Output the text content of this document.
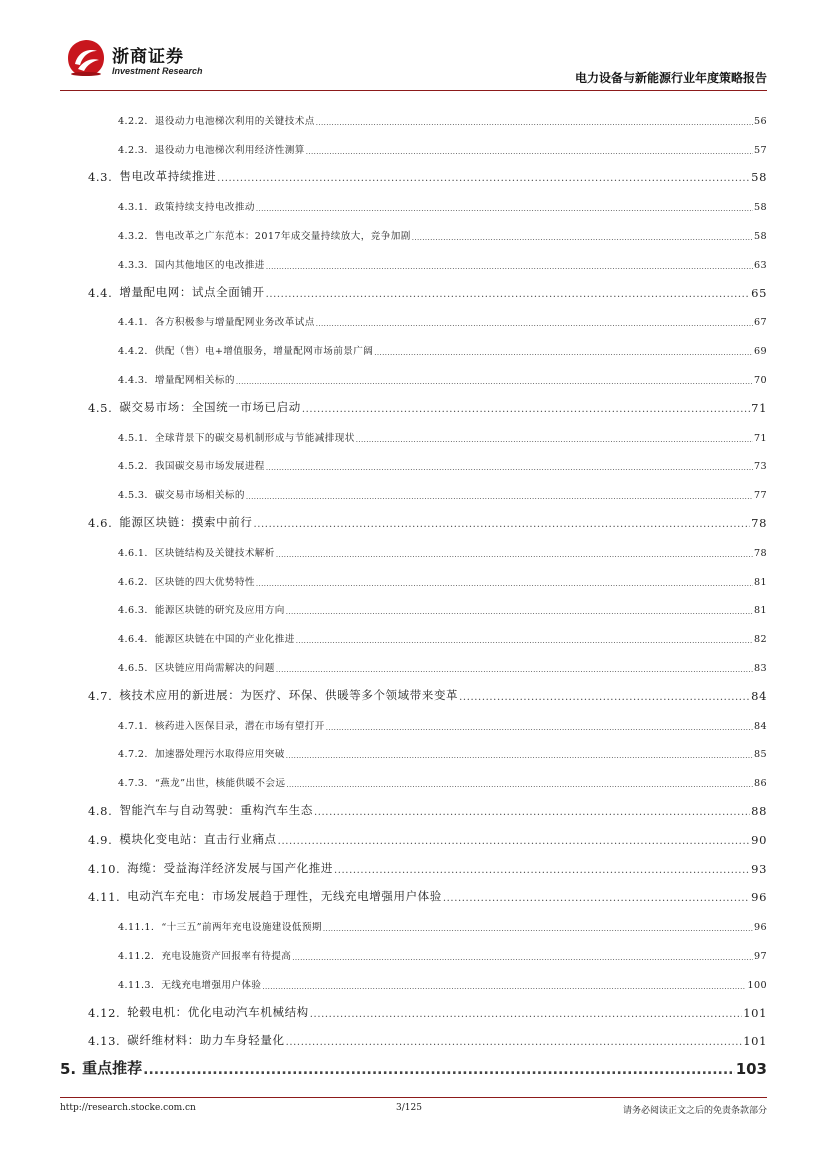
浙商证券
Investment Research	电力设备与新能源行业年度策略报告
4.2.2. 退役动力电池梯次利用的关键技术点 .....	56
4.2.3. 退役动力电池梯次利用经济性测算 .....	57
4.3. 售电改革持续推进 .....	58
4.3.1. 政策持续支持电改推动 .....	58
4.3.2. 售电改革之广东范本：2017年成交量持续放大，竞争加剧 .....	58
4.3.3. 国内其他地区的电改推进 .....	63
4.4. 增量配电网：试点全面铺开 .....	65
4.4.1. 各方积极参与增量配网业务改革试点 .....	67
4.4.2. 供配（售）电+增值服务，增量配网市场前景广阔 .....	69
4.4.3. 增量配网相关标的 .....	70
4.5. 碳交易市场：全国统一市场已启动 .....	71
4.5.1. 全球背景下的碳交易机制形成与节能减排现状 .....	71
4.5.2. 我国碳交易市场发展进程 .....	73
4.5.3. 碳交易市场相关标的 .....	77
4.6. 能源区块链：摸索中前行 .....	78
4.6.1. 区块链结构及关键技术解析 .....	78
4.6.2. 区块链的四大优势特性 .....	81
4.6.3. 能源区块链的研究及应用方向 .....	81
4.6.4. 能源区块链在中国的产业化推进 .....	82
4.6.5. 区块链应用尚需解决的问题 .....	83
4.7. 核技术应用的新进展：为医疗、环保、供暖等多个领域带来变革 .....	84
4.7.1. 核药进入医保目录，潜在市场有望打开 .....	84
4.7.2. 加速器处理污水取得应用突破 .....	85
4.7.3. “燕龙”出世，核能供暖不会远 .....	86
4.8. 智能汽车与自动驾驶：重构汽车生态 .....	88
4.9. 模块化变电站：直击行业痛点 .....	90
4.10. 海缆：受益海洋经济发展与国产化推进 .....	93
4.11. 电动汽车充电：市场发展趋于理性，无线充电增强用户体验 .....	96
4.11.1. “十三五”前两年充电设施建设低预期 .....	96
4.11.2. 充电设施资产回报率有待提高 .....	97
4.11.3. 无线充电增强用户体验 .....	100
4.12. 轮毂电机：优化电动汽车机械结构 .....	101
4.13. 碳纤维材料：助力车身轻量化 .....	101
5. 重点推荐 .....	103
http://research.stocke.com.cn	3/125	请务必阅读正文之后的免责条款部分
